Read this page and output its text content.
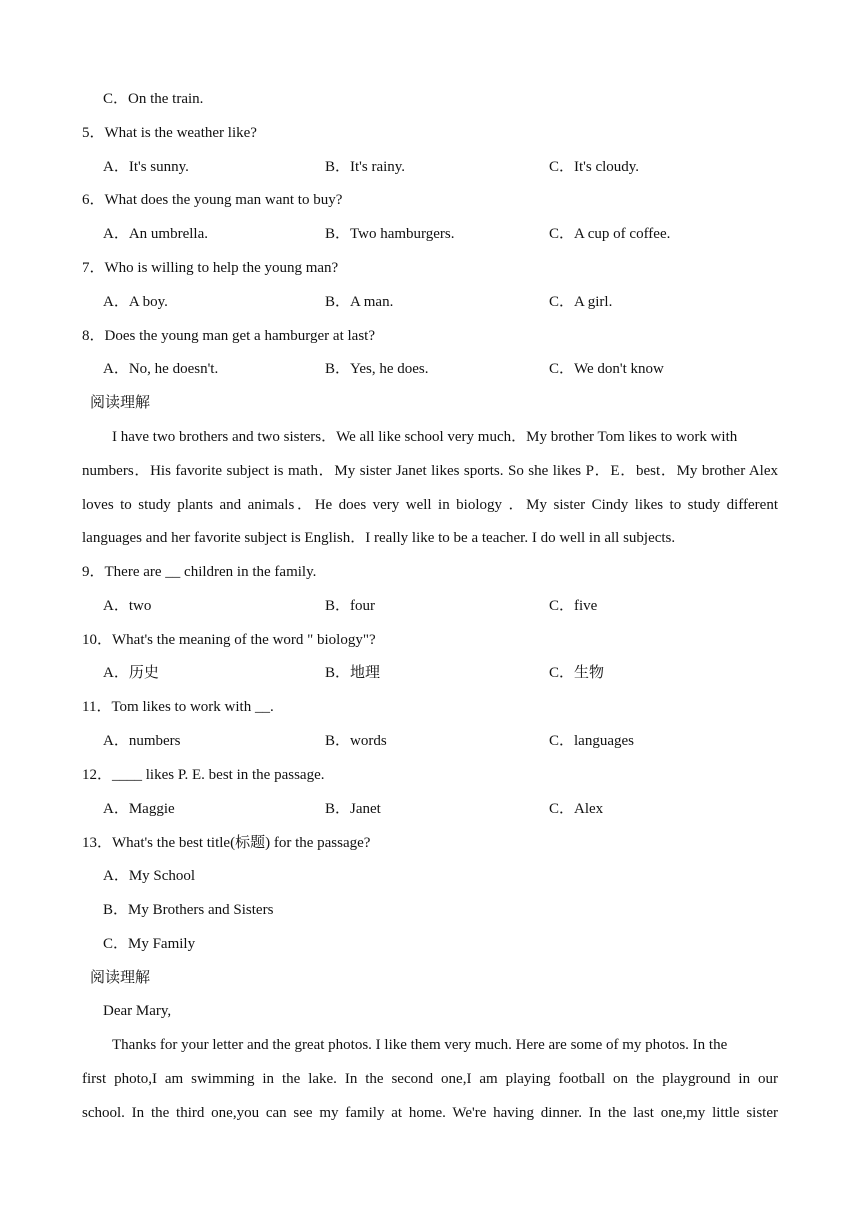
C．On the train.
5．What is the weather like?
A．It's sunny.	B．It's rainy.	C．It's cloudy.
6．What does the young man want to buy?
A．An umbrella.	B．Two hamburgers.	C．A cup of coffee.
7．Who is willing to help the young man?
A．A boy.	B．A man.	C．A girl.
8．Does the young man get a hamburger at last?
A．No, he doesn't.	B．Yes, he does.	C．We don't know
阅读理解
I have two brothers and two sisters．We all like school very much．My brother Tom likes to work with
numbers．His favorite subject is math．My sister Janet likes sports. So she likes P．E．best．My brother Alex
loves to study plants and animals．He does very well in biology ．My sister Cindy likes to study different
languages and her favorite subject is English．I really like to be a teacher. I do well in all subjects.
9．There are __ children in the family.
A．two	B．four	C．five
10．What's the meaning of the word " biology"?
A．历史	B．地理	C．生物
11．Tom likes to work with __.
A．numbers	B．words	C．languages
12．____ likes P. E. best in the passage.
A．Maggie	B．Janet	C．Alex
13．What's the best title(标题) for the passage?
A．My School
B．My Brothers and Sisters
C．My Family
阅读理解
Dear Mary,
Thanks for your letter and the great photos. I like them very much. Here are some of my photos. In the
first photo,I am swimming in the lake. In the second one,I am playing football on the playground in our
school. In the third one,you can see my family at home. We're having dinner. In the last one,my little sister
